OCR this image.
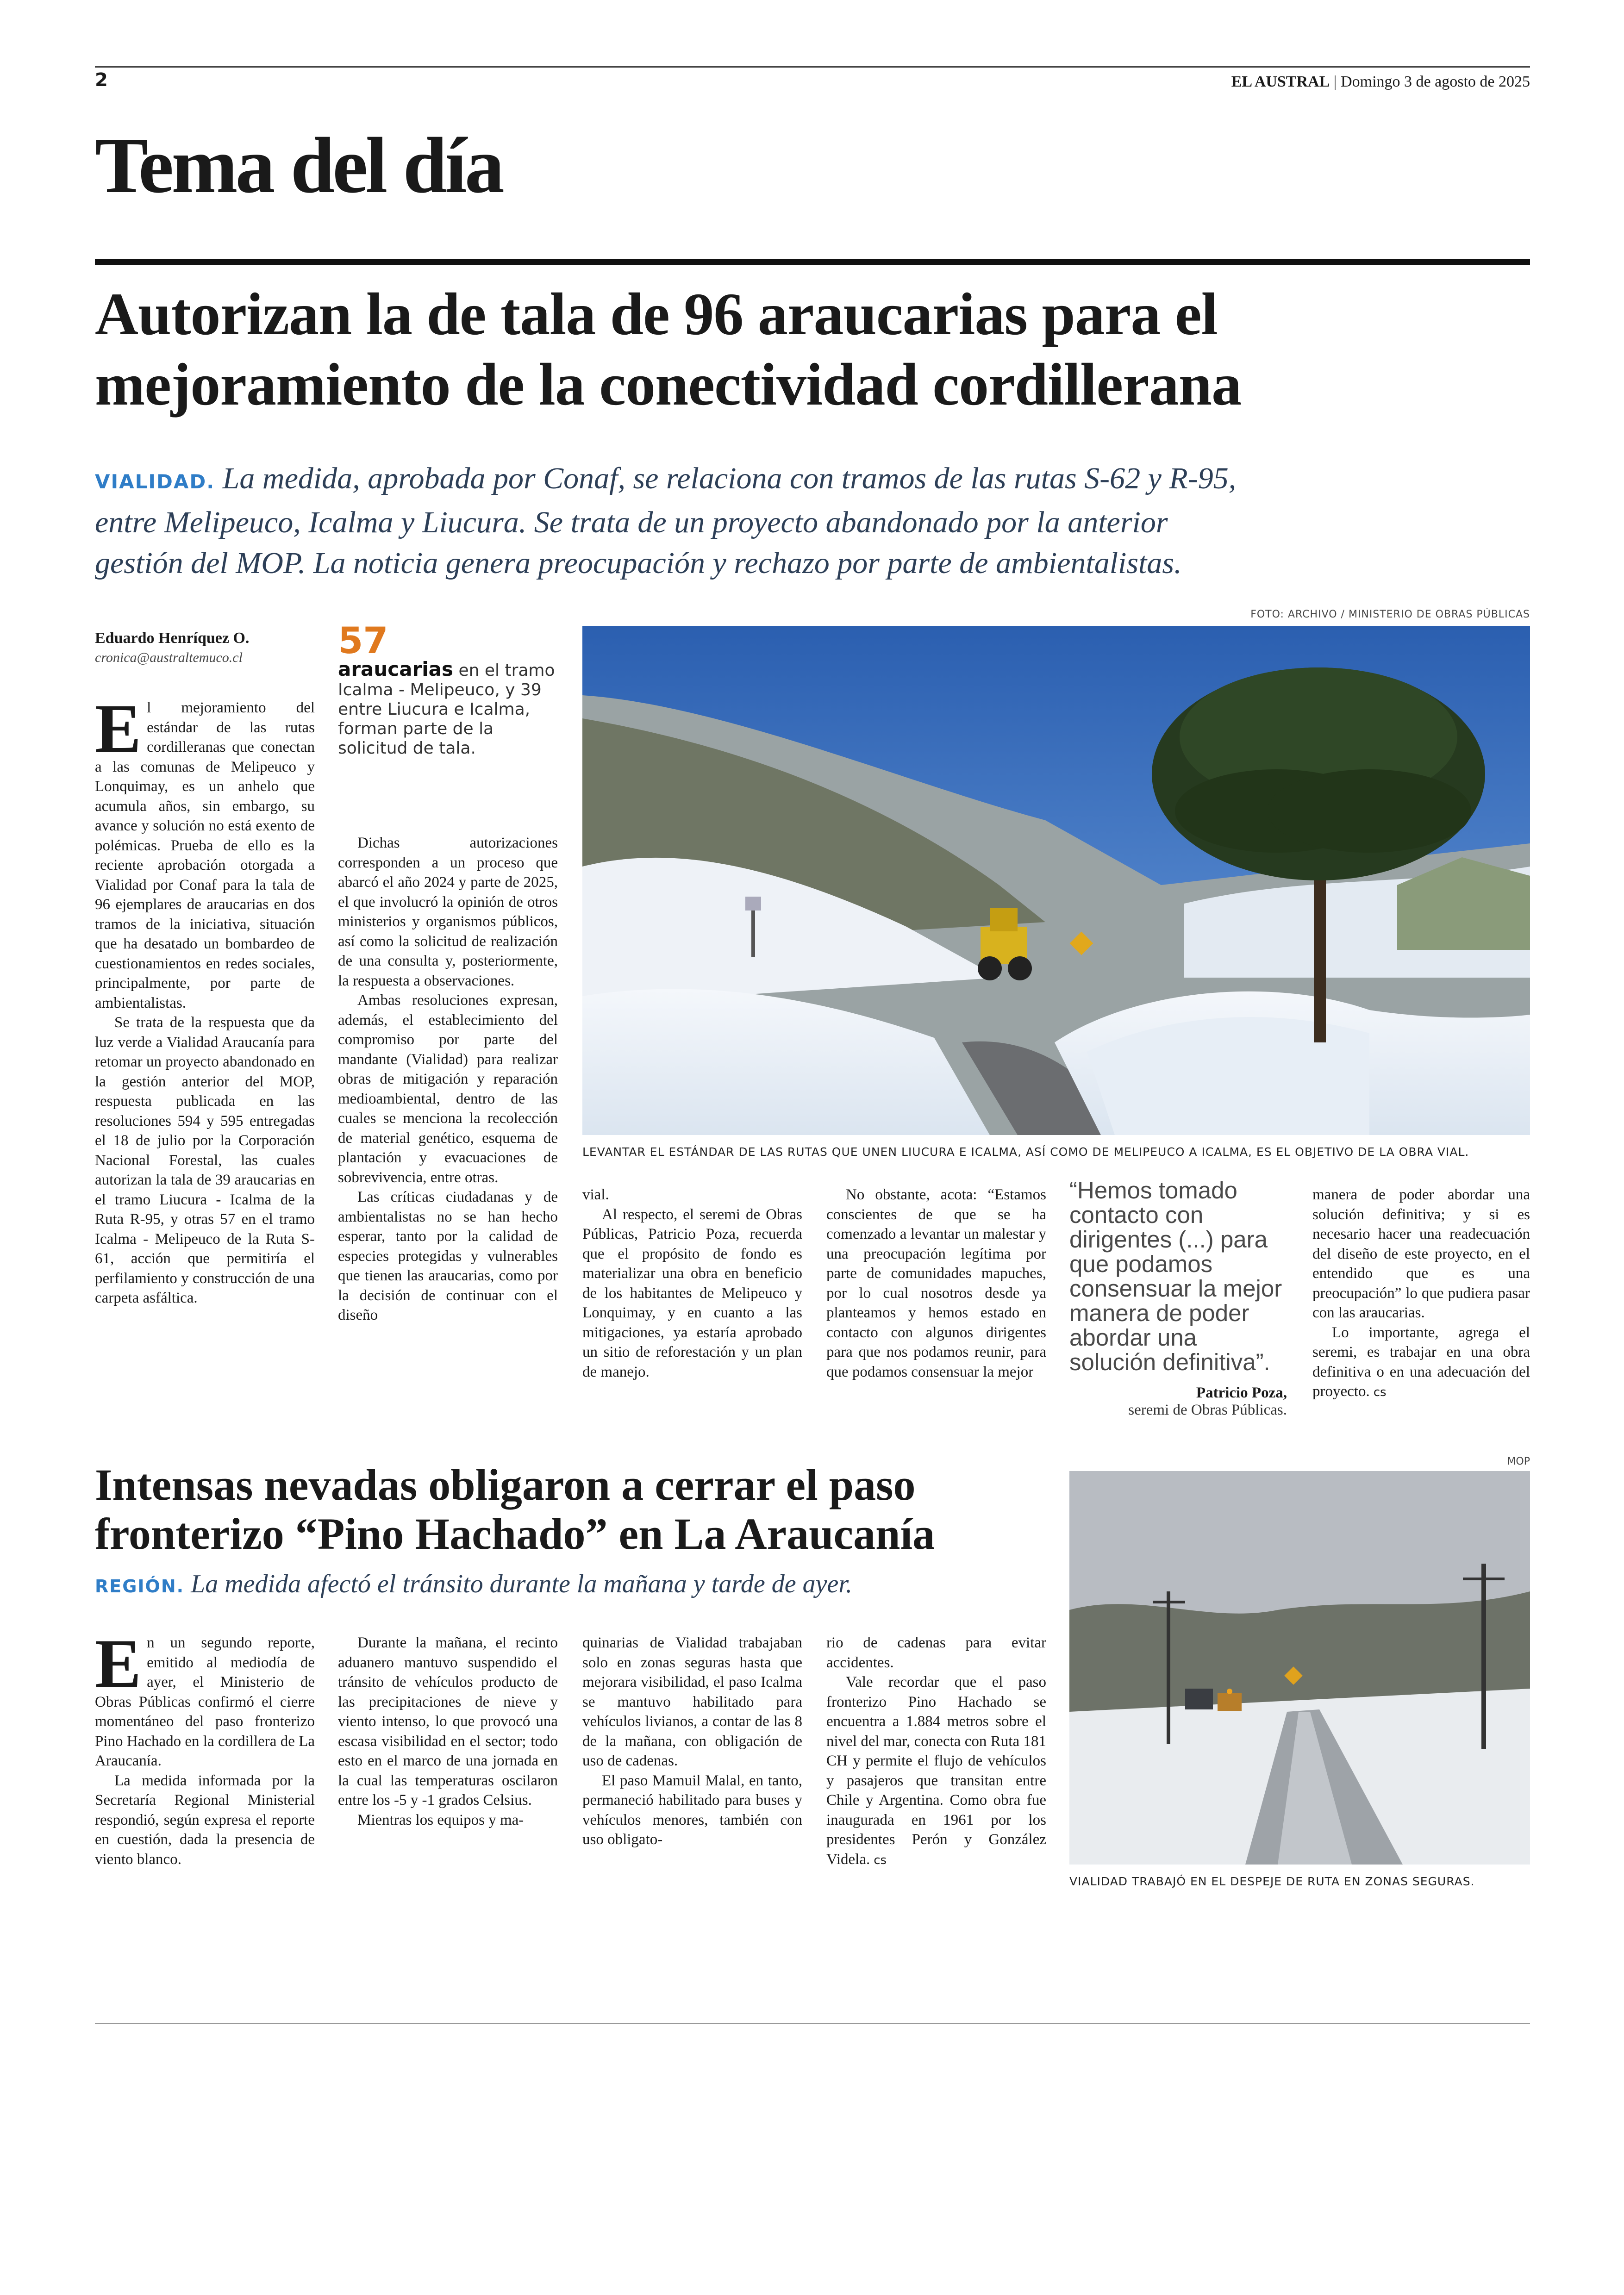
2	EL AUSTRAL | Domingo 3 de agosto de 2025
Tema del día
Autorizan la de tala de 96 araucarias para el
mejoramiento de la conectividad cordillerana
VIALIDAD. La medida, aprobada por Conaf, se relaciona con tramos de las rutas S-62 y R-95,
entre Melipeuco, Icalma y Liucura. Se trata de un proyecto abandonado por la anterior
gestión del MOP. La noticia genera preocupación y rechazo por parte de ambientalistas.
Eduardo Henríquez O.
cronica@australtemuco.cl	57
araucarias en el tramo Icalma - Melipeuco, y 39 entre Liucura e Icalma, forman parte de la solicitud de tala.
FOTO: ARCHIVO / MINISTERIO DE OBRAS PÚBLICAS
LEVANTAR EL ESTÁNDAR DE LAS RUTAS QUE UNEN LIUCURA E ICALMA, ASÍ COMO DE MELIPEUCO A ICALMA, ES EL OBJETIVO DE LA OBRA VIAL.

El mejoramiento del estándar de las rutas cordilleranas que conectan a las comunas de Melipeuco y Lonquimay, es un anhelo que acumula años, sin embargo, su avance y solución no está exento de polémicas. Prueba de ello es la reciente aprobación otorgada a Vialidad por Conaf para la tala de 96 ejemplares de araucarias en dos tramos de la iniciativa, situación que ha desatado un bombardeo de cuestionamientos en redes sociales, principalmente, por parte de ambientalistas.

Se trata de la respuesta que da luz verde a Vialidad Araucanía para retomar un proyecto abandonado en la gestión anterior del MOP, respuesta publicada en las resoluciones 594 y 595 entregadas el 18 de julio por la Corporación Nacional Forestal, las cuales autorizan la tala de 39 araucarias en el tramo Liucura - Icalma de la Ruta R-95, y otras 57 en el tramo Icalma - Melipeuco de la Ruta S-61, acción que permitiría el perfilamiento y construcción de una carpeta asfáltica.

Dichas autorizaciones corresponden a un proceso que abarcó el año 2024 y parte de 2025, el que involucró la opinión de otros ministerios y organismos públicos, así como la solicitud de realización de una consulta y, posteriormente, la respuesta a observaciones.

Ambas resoluciones expresan, además, el establecimiento del compromiso por parte del mandante (Vialidad) para realizar obras de mitigación y reparación medioambiental, dentro de las cuales se menciona la recolección de material genético, esquema de plantación y evacuaciones de sobrevivencia, entre otras.

Las críticas ciudadanas y de ambientalistas no se han hecho esperar, tanto por la calidad de especies protegidas y vulnerables que tienen las araucarias, como por la decisión de continuar con el diseño

vial.

Al respecto, el seremi de Obras Públicas, Patricio Poza, recuerda que el propósito de fondo es materializar una obra en beneficio de los habitantes de Melipeuco y Lonquimay, y en cuanto a las mitigaciones, ya estaría aprobado un sitio de reforestación y un plan de manejo.

No obstante, acota: “Estamos conscientes de que se ha comenzado a levantar un malestar y una preocupación legítima por parte de comunidades mapuches, por lo cual nosotros desde ya planteamos y hemos estado en contacto con algunos dirigentes para que nos podamos reunir, para que podamos consensuar la mejor

“Hemos tomado contacto con dirigentes (...) para que podamos consensuar la mejor manera de poder abordar una solución definitiva”.
Patricio Poza,
seremi de Obras Públicas.

manera de poder abordar una solución definitiva; y si es necesario hacer una readecuación del diseño de este proyecto, en el entendido que es una preocupación” lo que pudiera pasar con las araucarias.

Lo importante, agrega el seremi, es trabajar en una obra definitiva o en una adecuación del proyecto. cs

Intensas nevadas obligaron a cerrar el paso
fronterizo “Pino Hachado” en La Araucanía
REGIÓN. La medida afectó el tránsito durante la mañana y tarde de ayer.
MOP
VIALIDAD TRABAJÓ EN EL DESPEJE DE RUTA EN ZONAS SEGURAS.

En un segundo reporte, emitido al mediodía de ayer, el Ministerio de Obras Públicas confirmó el cierre momentáneo del paso fronterizo Pino Hachado en la cordillera de La Araucanía.

La medida informada por la Secretaría Regional Ministerial respondió, según expresa el reporte en cuestión, dada la presencia de viento blanco.

Durante la mañana, el recinto aduanero mantuvo suspendido el tránsito de vehículos producto de las precipitaciones de nieve y viento intenso, lo que provocó una escasa visibilidad en el sector; todo esto en el marco de una jornada en la cual las temperaturas oscilaron entre los -5 y -1 grados Celsius.

Mientras los equipos y ma-

quinarias de Vialidad trabajaban solo en zonas seguras hasta que mejorara visibilidad, el paso Icalma se mantuvo habilitado para vehículos livianos, a contar de las 8 de la mañana, con obligación de uso de cadenas.

El paso Mamuil Malal, en tanto, permaneció habilitado para buses y vehículos menores, también con uso obligato-

rio de cadenas para evitar accidentes.

Vale recordar que el paso fronterizo Pino Hachado se encuentra a 1.884 metros sobre el nivel del mar, conecta con Ruta 181 CH y permite el flujo de vehículos y pasajeros que transitan entre Chile y Argentina. Como obra fue inaugurada en 1961 por los presidentes Perón y González Videla. cs
